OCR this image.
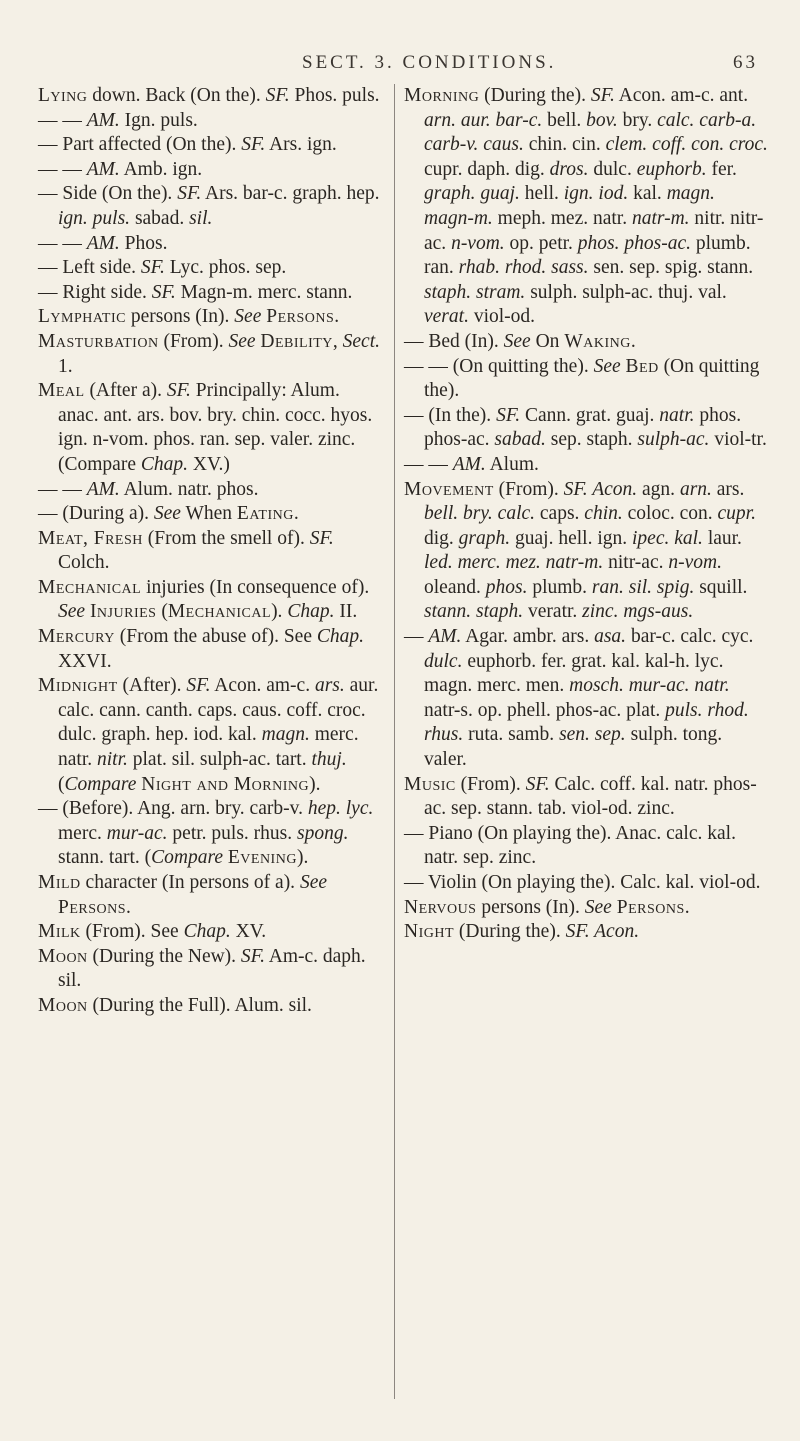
SECT. 3. CONDITIONS.	63

Lying down. Back (On the). SF. Phos. puls.

— — AM. Ign. puls.

— Part affected (On the). SF. Ars. ign.

— — AM. Amb. ign.

— Side (On the). SF. Ars. bar-c. graph. hep. ign. puls. sabad. sil.

— — AM. Phos.

— Left side. SF. Lyc. phos. sep.

— Right side. SF. Magn-m. merc. stann.

Lymphatic persons (In). See Persons.

Masturbation (From). See Debility, Sect. 1.

Meal (After a). SF. Principally: Alum. anac. ant. ars. bov. bry. chin. cocc. hyos. ign. n-vom. phos. ran. sep. valer. zinc. (Compare Chap. XV.)

— — AM. Alum. natr. phos.

— (During a). See When Eating.

Meat, Fresh (From the smell of). SF. Colch.

Mechanical injuries (In consequence of). See Injuries (Mechanical). Chap. II.

Mercury (From the abuse of). See Chap. XXVI.

Midnight (After). SF. Acon. am-c. ars. aur. calc. cann. canth. caps. caus. coff. croc. dulc. graph. hep. iod. kal. magn. merc. natr. nitr. plat. sil. sulph-ac. tart. thuj. (Compare Night and Morning).

— (Before). Ang. arn. bry. carb-v. hep. lyc. merc. mur-ac. petr. puls. rhus. spong. stann. tart. (Compare Evening).

Mild character (In persons of a). See Persons.

Milk (From). See Chap. XV.

Moon (During the New). SF. Am-c. daph. sil.

Moon (During the Full). Alum. sil.

Morning (During the). SF. Acon. am-c. ant. arn. aur. bar-c. bell. bov. bry. calc. carb-a. carb-v. caus. chin. cin. clem. coff. con. croc. cupr. daph. dig. dros. dulc. euphorb. fer. graph. guaj. hell. ign. iod. kal. magn. magn-m. meph. mez. natr. natr-m. nitr. nitr-ac. n-vom. op. petr. phos. phos-ac. plumb. ran. rhab. rhod. sass. sen. sep. spig. stann. staph. stram. sulph. sulph-ac. thuj. val. verat. viol-od.

— Bed (In). See On Waking.

— — (On quitting the). See Bed (On quitting the).

— (In the). SF. Cann. grat. guaj. natr. phos. phos-ac. sabad. sep. staph. sulph-ac. viol-tr.

— — AM. Alum.

Movement (From). SF. Acon. agn. arn. ars. bell. bry. calc. caps. chin. coloc. con. cupr. dig. graph. guaj. hell. ign. ipec. kal. laur. led. merc. mez. natr-m. nitr-ac. n-vom. oleand. phos. plumb. ran. sil. spig. squill. stann. staph. veratr. zinc. mgs-aus.

— AM. Agar. ambr. ars. asa. bar-c. calc. cyc. dulc. euphorb. fer. grat. kal. kal-h. lyc. magn. merc. men. mosch. mur-ac. natr. natr-s. op. phell. phos-ac. plat. puls. rhod. rhus. ruta. samb. sen. sep. sulph. tong. valer.

Music (From). SF. Calc. coff. kal. natr. phos-ac. sep. stann. tab. viol-od. zinc.

— Piano (On playing the). Anac. calc. kal. natr. sep. zinc.

— Violin (On playing the). Calc. kal. viol-od.

Nervous persons (In). See Persons.

Night (During the). SF. Acon.
